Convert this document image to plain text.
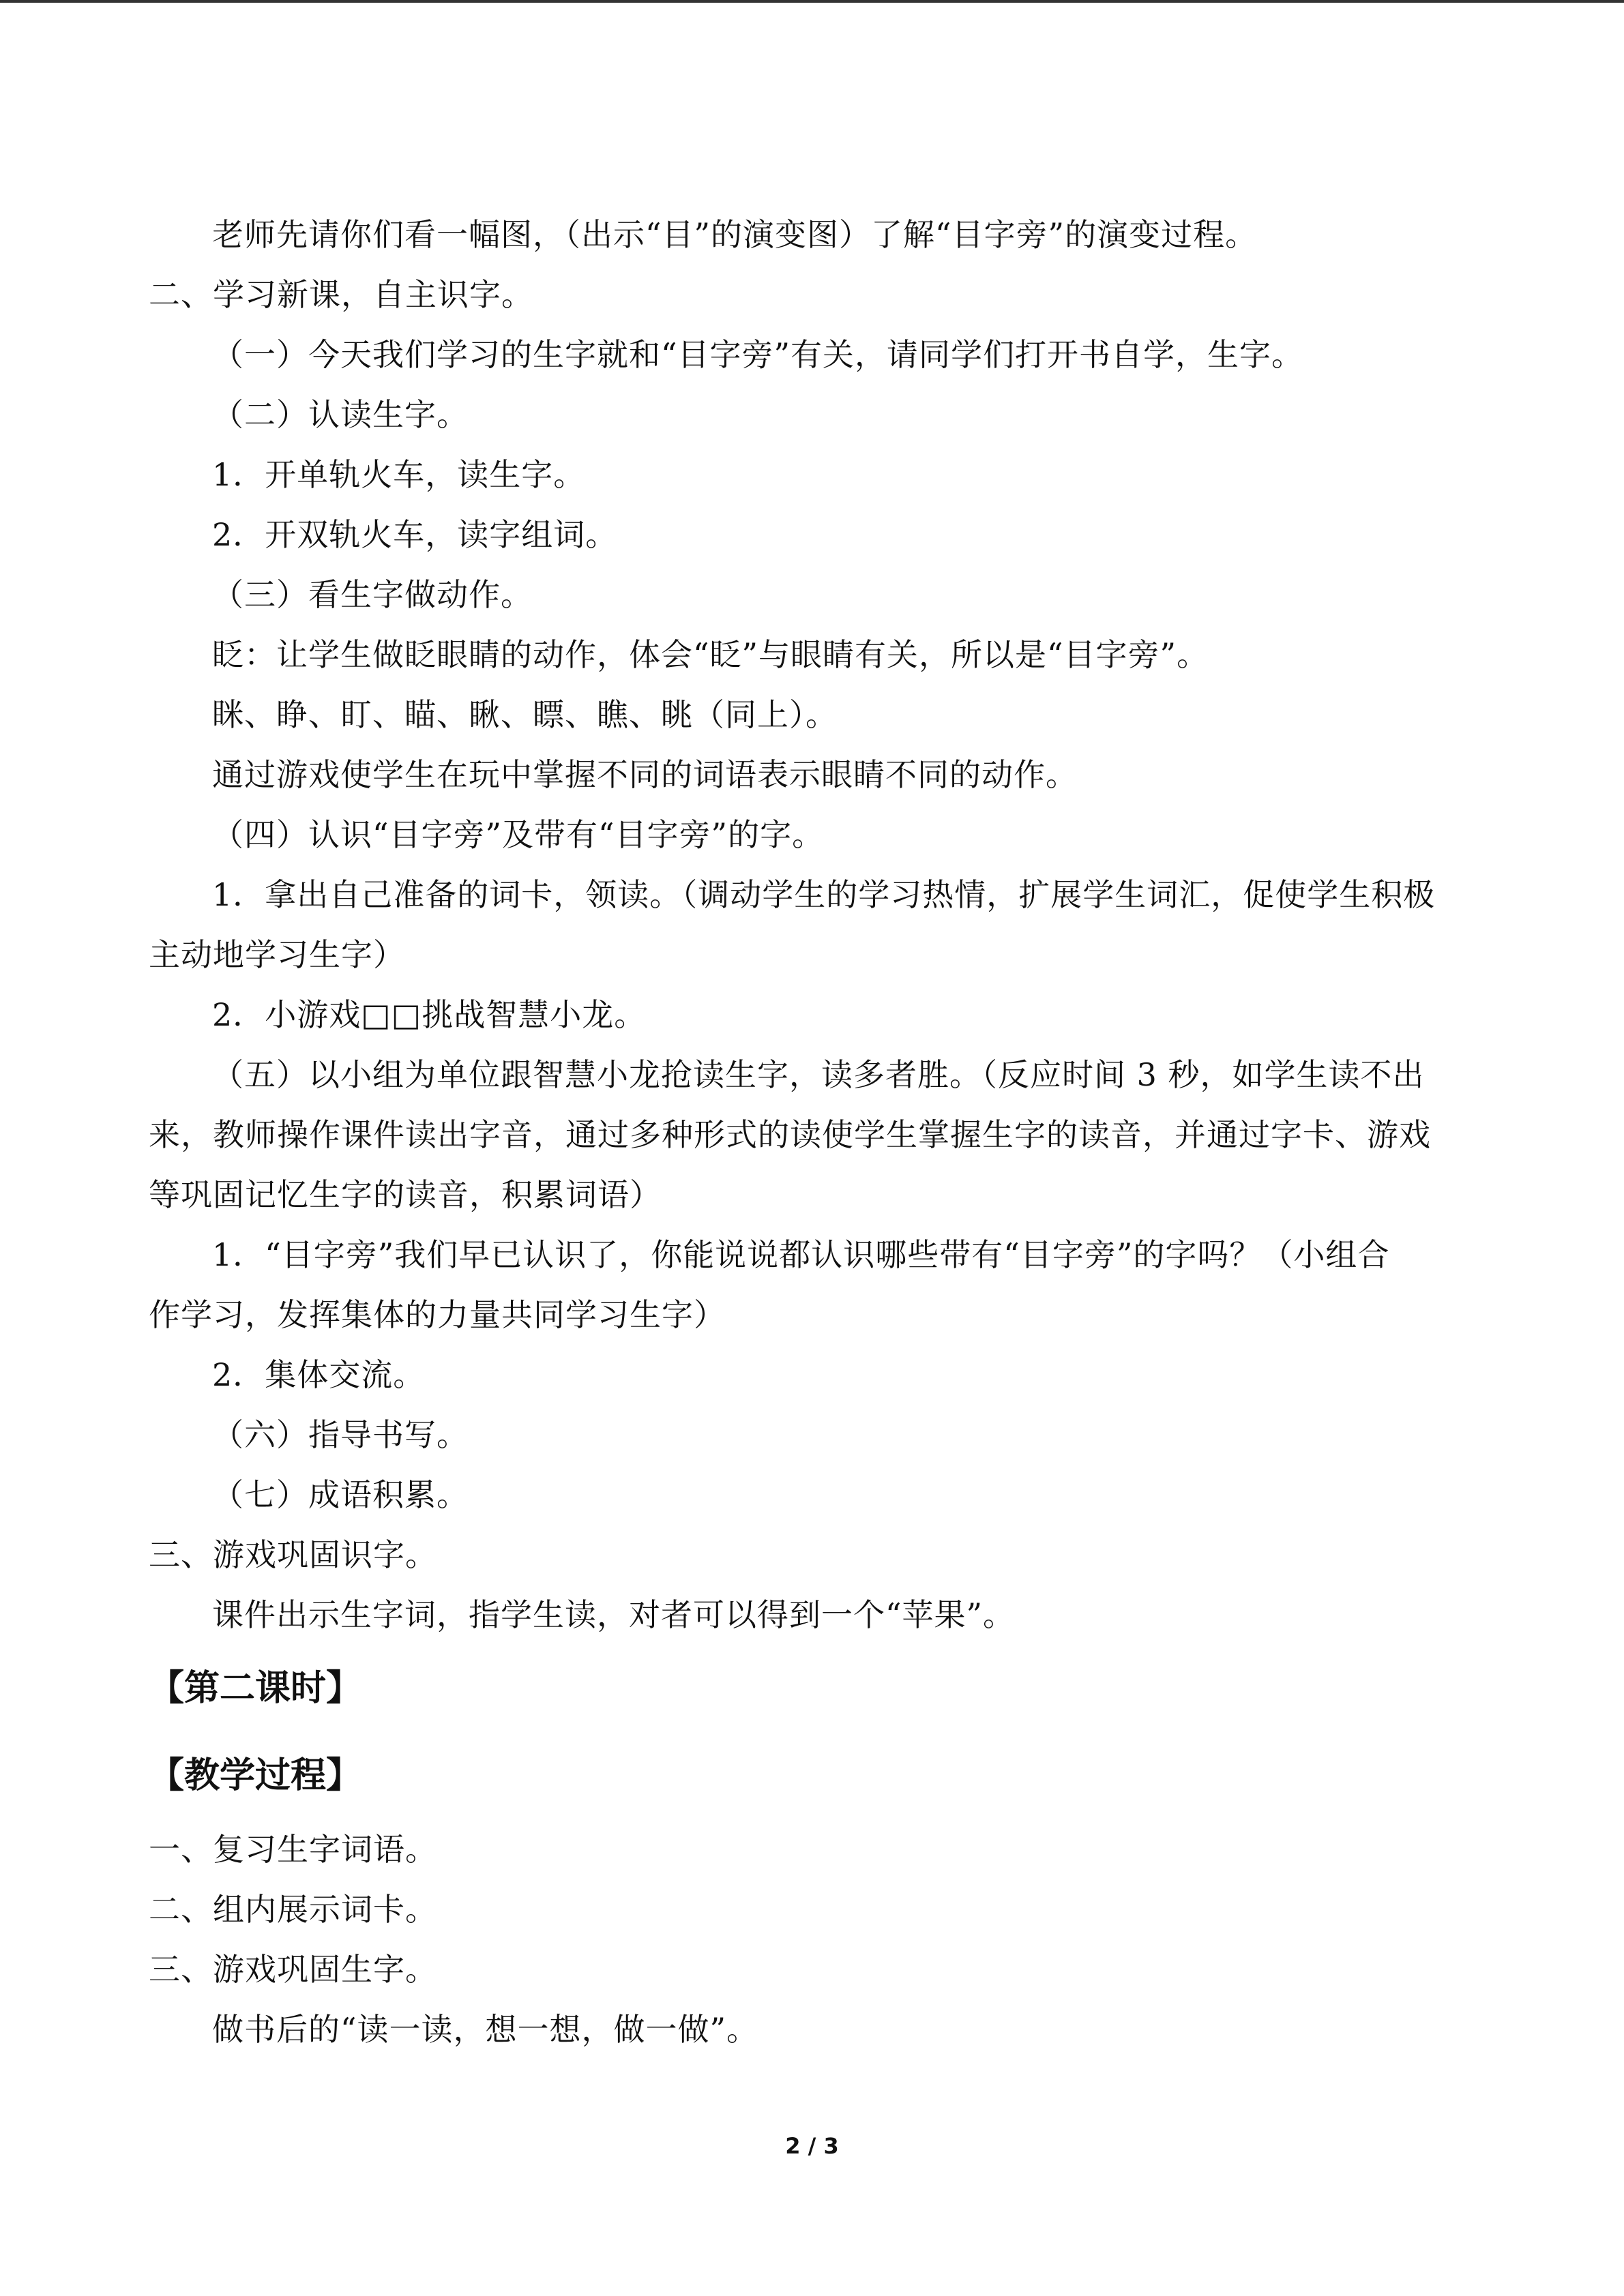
老师先请你们看一幅图，（出示“目”的演变图）了解“目字旁”的演变过程。
二、学习新课，自主识字。
（一）今天我们学习的生字就和“目字旁”有关，请同学们打开书自学，生字。
（二）认读生字。
1．开单轨火车，读生字。
2．开双轨火车，读字组词。
（三）看生字做动作。
眨：让学生做眨眼睛的动作，体会“眨”与眼睛有关，所以是“目字旁”。
眯、睁、盯、瞄、瞅、瞟、瞧、眺（同上）。
通过游戏使学生在玩中掌握不同的词语表示眼睛不同的动作。
（四）认识“目字旁”及带有“目字旁”的字。
1．拿出自己准备的词卡，领读。（调动学生的学习热情，扩展学生词汇，促使学生积极
主动地学习生字）
2．小游戏□□挑战智慧小龙。
（五）以小组为单位跟智慧小龙抢读生字，读多者胜。（反应时间 3 秒，如学生读不出
来，教师操作课件读出字音，通过多种形式的读使学生掌握生字的读音，并通过字卡、游戏
等巩固记忆生字的读音，积累词语）
1．“目字旁”我们早已认识了，你能说说都认识哪些带有“目字旁”的字吗？（小组合
作学习，发挥集体的力量共同学习生字）
2．集体交流。
（六）指导书写。
（七）成语积累。
三、游戏巩固识字。
课件出示生字词，指学生读，对者可以得到一个“苹果”。
【第二课时】
【教学过程】
一、复习生字词语。
二、组内展示词卡。
三、游戏巩固生字。
做书后的“读一读，想一想，做一做”。
2 / 3
